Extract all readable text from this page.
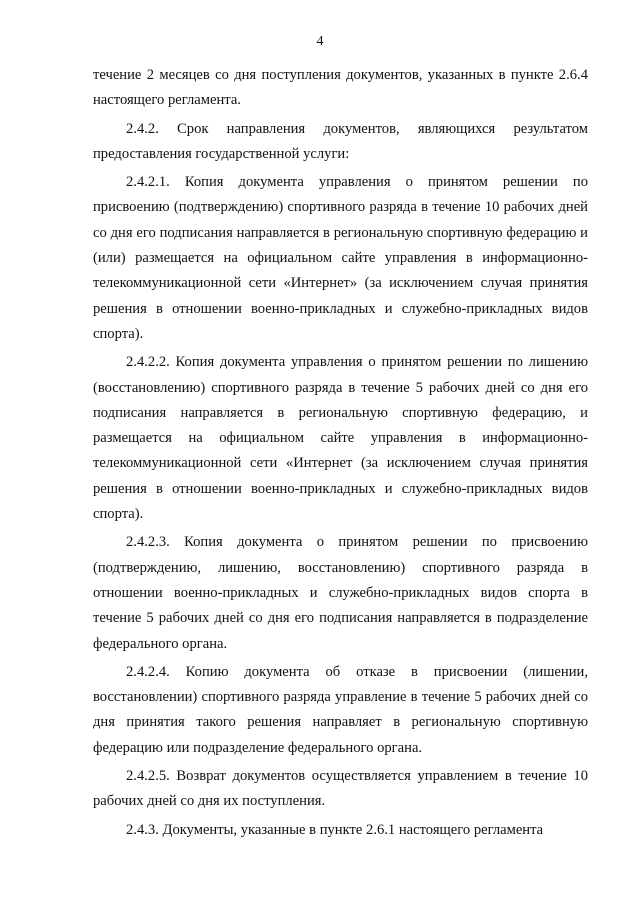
4

течение 2 месяцев со дня поступления документов, указанных в пункте 2.6.4 настоящего регламента.

2.4.2. Срок направления документов, являющихся результатом предоставления государственной услуги:

2.4.2.1. Копия документа управления о принятом решении по присвоению (подтверждению) спортивного разряда в течение 10 рабочих дней со дня его подписания направляется в региональную спортивную федерацию и (или) размещается на официальном сайте управления в информационно-телекоммуникационной сети «Интернет» (за исключением случая принятия решения в отношении военно-прикладных и служебно-прикладных видов спорта).

2.4.2.2. Копия документа управления о принятом решении по лишению (восстановлению) спортивного разряда в течение 5 рабочих дней со дня его подписания направляется в региональную спортивную федерацию, и размещается на официальном сайте управления в информационно-телекоммуникационной сети «Интернет (за исключением случая принятия решения в отношении военно-прикладных и служебно-прикладных видов спорта).

2.4.2.3. Копия документа о принятом решении по присвоению (подтверждению, лишению, восстановлению) спортивного разряда в отношении военно-прикладных и служебно-прикладных видов спорта в течение 5 рабочих дней со дня его подписания направляется в подразделение федерального органа.

2.4.2.4. Копию документа об отказе в присвоении (лишении, восстановлении) спортивного разряда управление в течение 5 рабочих дней со дня принятия такого решения направляет в региональную спортивную федерацию или подразделение федерального органа.

2.4.2.5. Возврат документов осуществляется управлением в течение 10 рабочих дней со дня их поступления.

2.4.3. Документы, указанные в пункте 2.6.1 настоящего регламента
